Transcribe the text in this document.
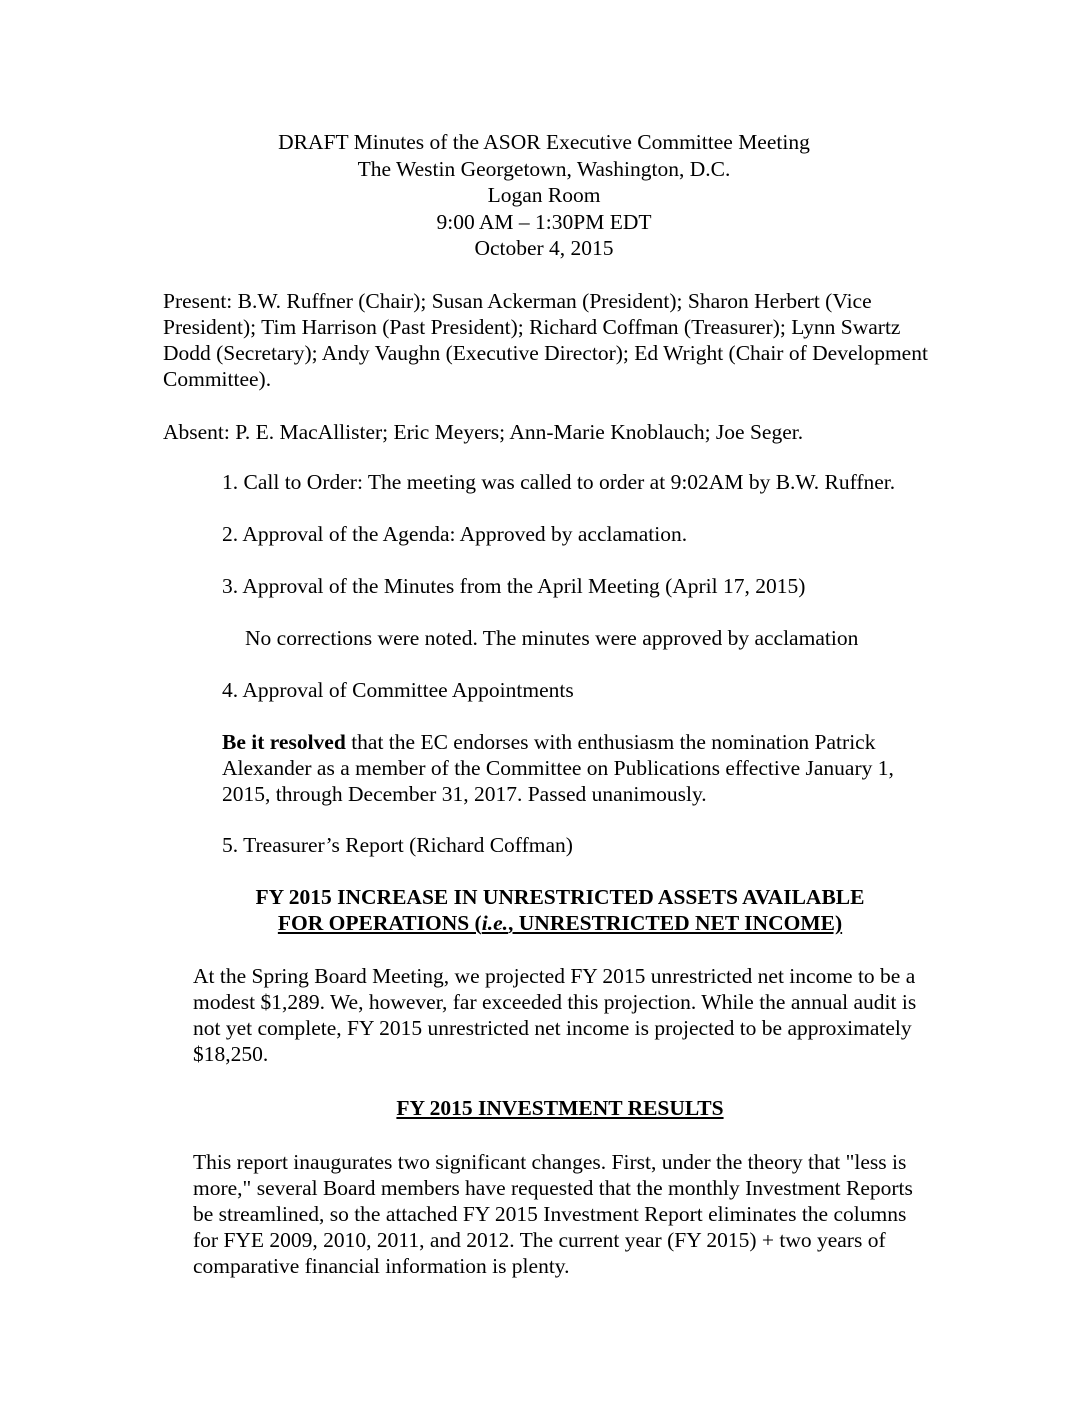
DRAFT Minutes of the ASOR Executive Committee Meeting
The Westin Georgetown, Washington, D.C.
Logan Room
9:00 AM – 1:30PM EDT
October 4, 2015

Present: B.W. Ruffner (Chair); Susan Ackerman (President); Sharon Herbert (Vice President); Tim Harrison (Past President); Richard Coffman (Treasurer); Lynn Swartz Dodd (Secretary); Andy Vaughn (Executive Director); Ed Wright (Chair of Development Committee).

Absent: P. E. MacAllister; Eric Meyers; Ann-Marie Knoblauch; Joe Seger.

1. Call to Order: The meeting was called to order at 9:02AM by B.W. Ruffner.

2. Approval of the Agenda: Approved by acclamation.

3. Approval of the Minutes from the April Meeting (April 17, 2015)

No corrections were noted. The minutes were approved by acclamation

4. Approval of Committee Appointments

Be it resolved that the EC endorses with enthusiasm the nomination Patrick Alexander as a member of the Committee on Publications effective January 1, 2015, through December 31, 2017. Passed unanimously.

5. Treasurer’s Report (Richard Coffman)

FY 2015 INCREASE IN UNRESTRICTED ASSETS AVAILABLE
FOR OPERATIONS (i.e., UNRESTRICTED NET INCOME)

At the Spring Board Meeting, we projected FY 2015 unrestricted net income to be a modest $1,289. We, however, far exceeded this projection. While the annual audit is not yet complete, FY 2015 unrestricted net income is projected to be approximately $18,250.

FY 2015 INVESTMENT RESULTS

This report inaugurates two significant changes. First, under the theory that "less is more," several Board members have requested that the monthly Investment Reports be streamlined, so the attached FY 2015 Investment Report eliminates the columns for FYE 2009, 2010, 2011, and 2012. The current year (FY 2015) + two years of comparative financial information is plenty.
